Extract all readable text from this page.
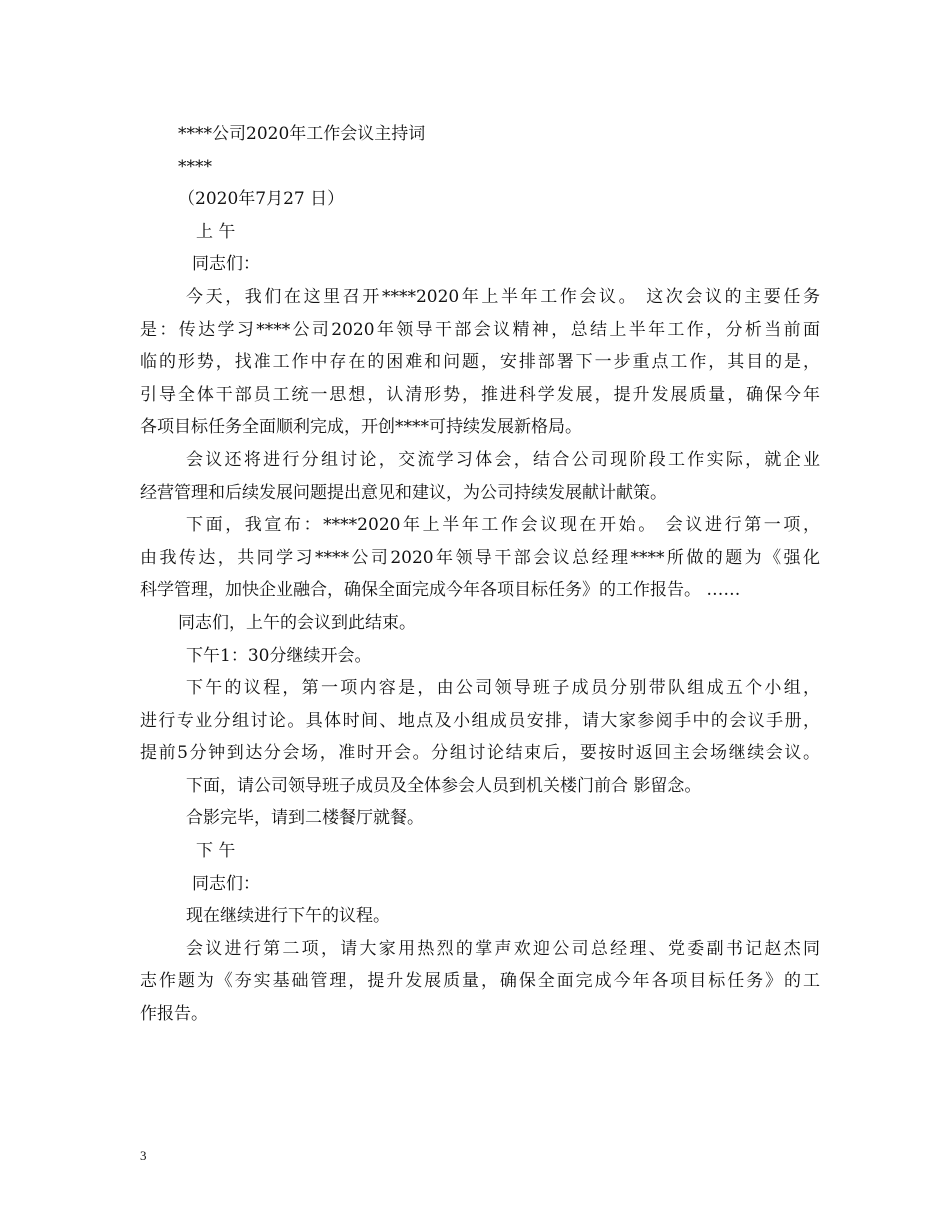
****公司2020年工作会议主持词
****
（2020年7月27 日）
上 午
同志们：
今天，我们在这里召开****2020年上半年工作会议。 这次会议的主要任务
是：传达学习****公司2020年领导干部会议精神，总结上半年工作，分析当前面
临的形势，找准工作中存在的困难和问题，安排部署下一步重点工作，其目的是，
引导全体干部员工统一思想，认清形势，推进科学发展，提升发展质量，确保今年
各项目标任务全面顺利完成，开创****可持续发展新格局。
会议还将进行分组讨论，交流学习体会，结合公司现阶段工作实际，就企业
经营管理和后续发展问题提出意见和建议，为公司持续发展献计献策。
下面，我宣布：****2020年上半年工作会议现在开始。 会议进行第一项，
由我传达，共同学习****公司2020年领导干部会议总经理****所做的题为《强化
科学管理，加快企业融合，确保全面完成今年各项目标任务》的工作报告。 ……
同志们，上午的会议到此结束。
下午1：30分继续开会。
下午的议程，第一项内容是，由公司领导班子成员分别带队组成五个小组，
进行专业分组讨论。具体时间、地点及小组成员安排，请大家参阅手中的会议手册，
提前5分钟到达分会场，准时开会。分组讨论结束后，要按时返回主会场继续会议。
下面，请公司领导班子成员及全体参会人员到机关楼门前合 影留念。
合影完毕，请到二楼餐厅就餐。
下 午
同志们：
现在继续进行下午的议程。
会议进行第二项，请大家用热烈的掌声欢迎公司总经理、党委副书记赵杰同
志作题为《夯实基础管理，提升发展质量，确保全面完成今年各项目标任务》的工
作报告。
3
